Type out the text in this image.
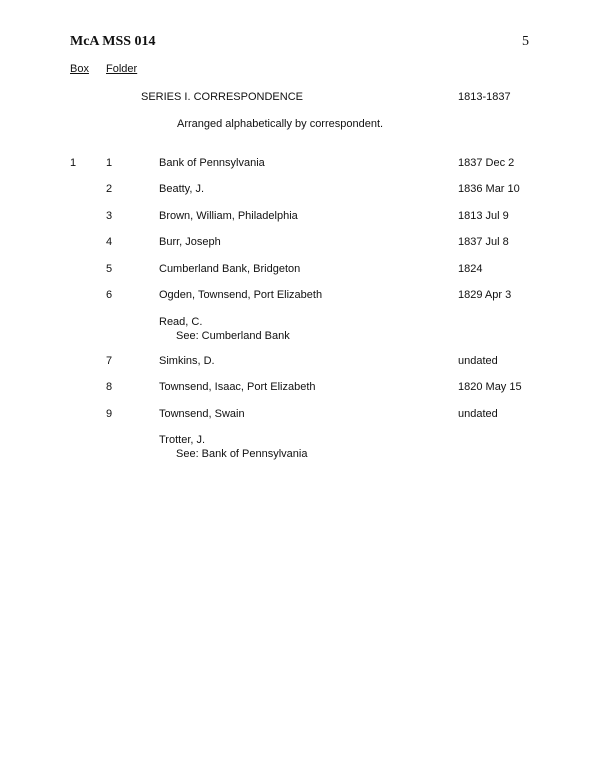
McA MSS 014	5
Box Folder
SERIES I. CORRESPONDENCE	1813-1837
Arranged alphabetically by correspondent.
1	1	Bank of Pennsylvania	1837 Dec 2
2	Beatty, J.	1836 Mar 10
3	Brown, William, Philadelphia	1813 Jul 9
4	Burr, Joseph	1837 Jul 8
5	Cumberland Bank, Bridgeton	1824
6	Ogden, Townsend, Port Elizabeth	1829 Apr 3
Read, C.
See: Cumberland Bank
7	Simkins, D.	undated
8	Townsend, Isaac, Port Elizabeth	1820 May 15
9	Townsend, Swain	undated
Trotter, J.
See: Bank of Pennsylvania
